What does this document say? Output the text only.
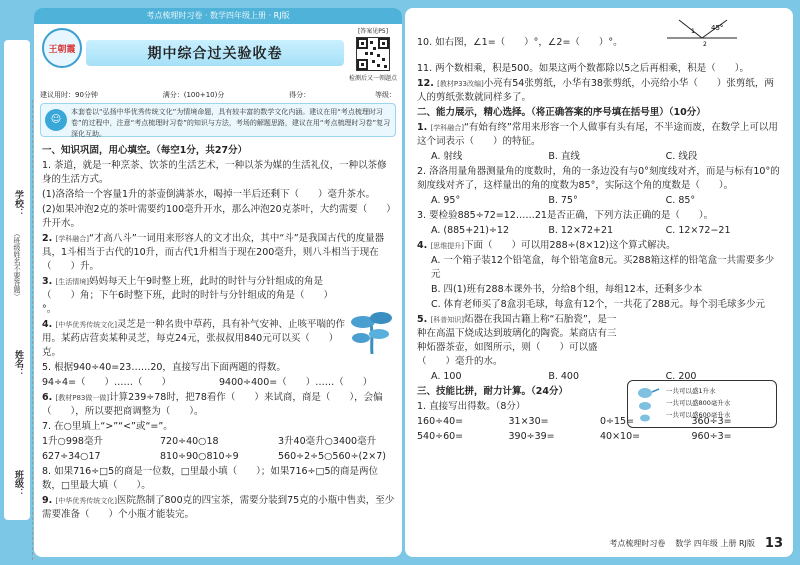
学校：
（班级姓名不要答题）
姓名：
班级：
考点梳理时习卷 · 数学四年级上册 · RJ版
王朝霞	期中综合过关验收卷
[答案见P5]
检测后又一领题点
建议用时：90分钟	满分：(100+10)分	得分：	等级：
☺
本套卷以“弘扬中华优秀传统文化”为情境命题，具有较丰富的数学文化内涵。建议在用“考点梳理时习卷”的过程中，注意“考点梳理时习卷”的知识与方法，考场的解题思路，建议在用“考点梳理时习卷”复习深化互助。
一、知识巩固，用心填空。（每空1分，共27分）
1. 茶道，就是一种烹茶、饮茶的生活艺术，一种以茶为媒的生活礼仪，一种以茶修身的生活方式。
(1)洛洛给一个容量1升的茶壶倒满茶水，喝掉一半后还剩下（　　）毫升茶水。
(2)如果冲泡2克的茶叶需要约100毫升开水，那么冲泡20克茶叶，大约需要（　　）升开水。
2. [学科融合]“才高八斗”一词用来形容人的文才出众，其中“斗”是我国古代的度量器具，1斗相当于古代的10升，而古代1升相当于现在200毫升，则八斗相当于现在（　　）升。
3. [生活情境]妈妈每天上午9时整上班，此时的时针与分针组成的角是（　　）角；下午6时整下班，此时的时针与分针组成的角是（　　）°。
4. [中华优秀传统文化]灵芝是一种名贵中草药，具有补气安神、止咳平喘的作用。某药店营卖某种灵芝，每克24元，张叔叔用840元可以买（　　）克。
5. 根据940÷40=23……20，直接写出下面两题的得数。
94÷4=（　　）……（　　）	9400÷400=（　　）……（　　）
6. [教材P83做一做]计算239÷78时，把78看作（　　）来试商，商是（　　），会偏（　　），所以要把商调整为（　　）。
7. 在○里填上“>”“<”或“=”。
1升○998毫升	720÷40○18	3升40毫升○3400毫升
627÷34○17	810÷90○810÷9	560÷2÷5○560÷(2×7)
8. 如果716÷□5的商是一位数，□里最小填（　　）；如果716÷□5的商是两位数，□里最大填（　　）。
9. [中华优秀传统文化]医院熬制了800克的四宝茶，需要分装到75克的小瓶中售卖，至少需要准备（　　）个小瓶才能装完。
45°
1
2
10. 如右图，∠1=（　　）°，∠2=（　　）°。
11. 两个数相乘，积是500。如果这两个数都除以5之后再相乘，积是（　　）。
12. [教材P33改编]小亮有54张剪纸，小华有38张剪纸，小亮给小华（　　）张剪纸，两人的剪纸张数就同样多了。
二、能力展示，精心选择。（将正确答案的序号填在括号里）（10分）
1. [学科融合]“有始有终”常用来形容一个人做事有头有尾，不半途而废，在数学上可以用这个词表示（　　）的特征。
A. 射线	B. 直线	C. 线段
2. 洛洛用量角器测量角的度数时，角的一条边没有与0°刻度线对齐，而是与标有10°的刻度线对齐了，这样量出的角的度数为85°，实际这个角的度数是（　　）。
A. 95°	B. 75°	C. 85°
3. 要检验885÷72=12……21是否正确，下列方法正确的是（　　）。
A. (885+21)÷12	B. 12×72+21	C. 12×72−21
4. [思维提升]下面（　　）可以用288÷(8×12)这个算式解决。
A. 一个箱子装12个铅笔盒，每个铅笔盒8元。买288箱这样的铅笔盒一共需要多少元
B. 四(1)班有288本课外书，分给8个组，每组12本，还剩多少本
C. 体育老师买了8盒羽毛球，每盒有12个，一共花了288元。每个羽毛球多少元
5. [科普知识]炻器在我国古籍上称“石胎瓷”，是一种在高温下烧成达到玻璃化的陶瓷。某商店有三种炻器茶壶，如图所示，则（　　）可以盛（　　）毫升的水。
A. 100	B. 400	C. 200
三、技能比拼，耐力计算。（24分）
1. 直接写出得数。（8分）
160÷40=	31×30=	0÷15=	360÷3=
540÷60=	390÷39=	40×10=	960÷3=
一共可以盛1升水
一共可以盛800毫升水
一共可以盛600毫升水
考点梳理时习卷 数学 四年级 上册 RJ版 13
